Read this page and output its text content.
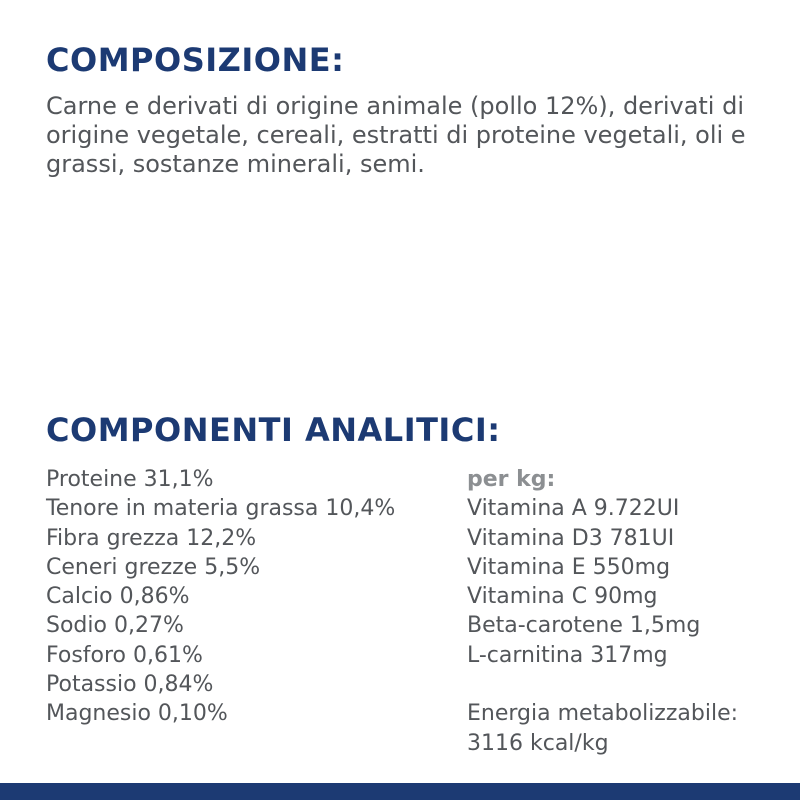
COMPOSIZIONE:

Carne e derivati di origine animale (pollo 12%), derivati di origine vegetale, cereali, estratti di proteine vegetali, oli e grassi, sostanze minerali, semi.

COMPONENTI ANALITICI:
Proteine 31,1%
Tenore in materia grassa 10,4%
Fibra grezza 12,2%
Ceneri grezze 5,5%
Calcio 0,86%
Sodio 0,27%
Fosforo 0,61%
Potassio 0,84%
Magnesio 0,10%
per kg:
Vitamina A 9.722UI
Vitamina D3 781UI
Vitamina E 550mg
Vitamina C 90mg
Beta-carotene 1,5mg
L-carnitina 317mg
Energia metabolizzabile:
3116 kcal/kg
